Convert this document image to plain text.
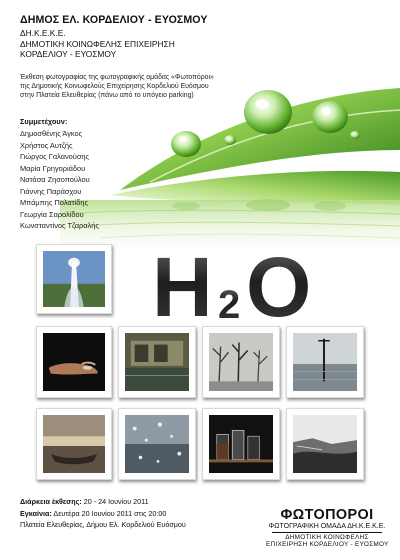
ΔΗΜΟΣ ΕΛ. ΚΟΡΔΕΛΙΟΥ - ΕΥΟΣΜΟΥ
ΔΗ.Κ.Ε.Κ.Ε.
ΔΗΜΟΤΙΚΗ ΚΟΙΝΩΦΕΛΗΣ ΕΠΙΧΕΙΡΗΣΗ
ΚΟΡΔΕΛΙΟΥ - ΕΥΟΣΜΟΥ
Έκθεση φωτογραφίας της φωτογραφικής ομάδας «Φωτοπόροι»
της Δημοτικής Κοινωφελούς Επιχείρησης Κορδελιού Ευόσμου
στην Πλατεία Ελευθερίας (πάνω από το υπόγειο parking)
Συμμετέχουν:
Δημοσθένης Άγκος
Χρήστος Αυτζής
Γιώργος Γαλανούσης
Μαρία Γρηγοριάδου
Νατάσα Ζησοπούλου
Γιάννης Παράσχου
Μπάμπης Πολατίδης
Γεωργία Σαρολίδου
Κωνσταντίνος Τζαραλής
H 2 O
Διάρκεια έκθεσης: 20 - 24 Ιουνίου 2011
Εγκαίνια: Δευτέρα 20 Ιουνίου 2011 στις 20:00
Πλατεία Ελευθερίας, Δήμου Ελ. Κορδελιού Ευόσμου
ΦΩΤΟΠΟΡΟΙ
ΦΩΤΟΓΡΑΦΙΚΗ ΟΜΑΔΑ ΔΗ.Κ.Ε.Κ.Ε.
ΔΗΜΟΤΙΚΗ ΚΟΙΝΩΦΕΛΗΣ
ΕΠΙΧΕΙΡΗΣΗ ΚΟΡΔΕΛΙΟΥ - ΕΥΟΣΜΟΥ
